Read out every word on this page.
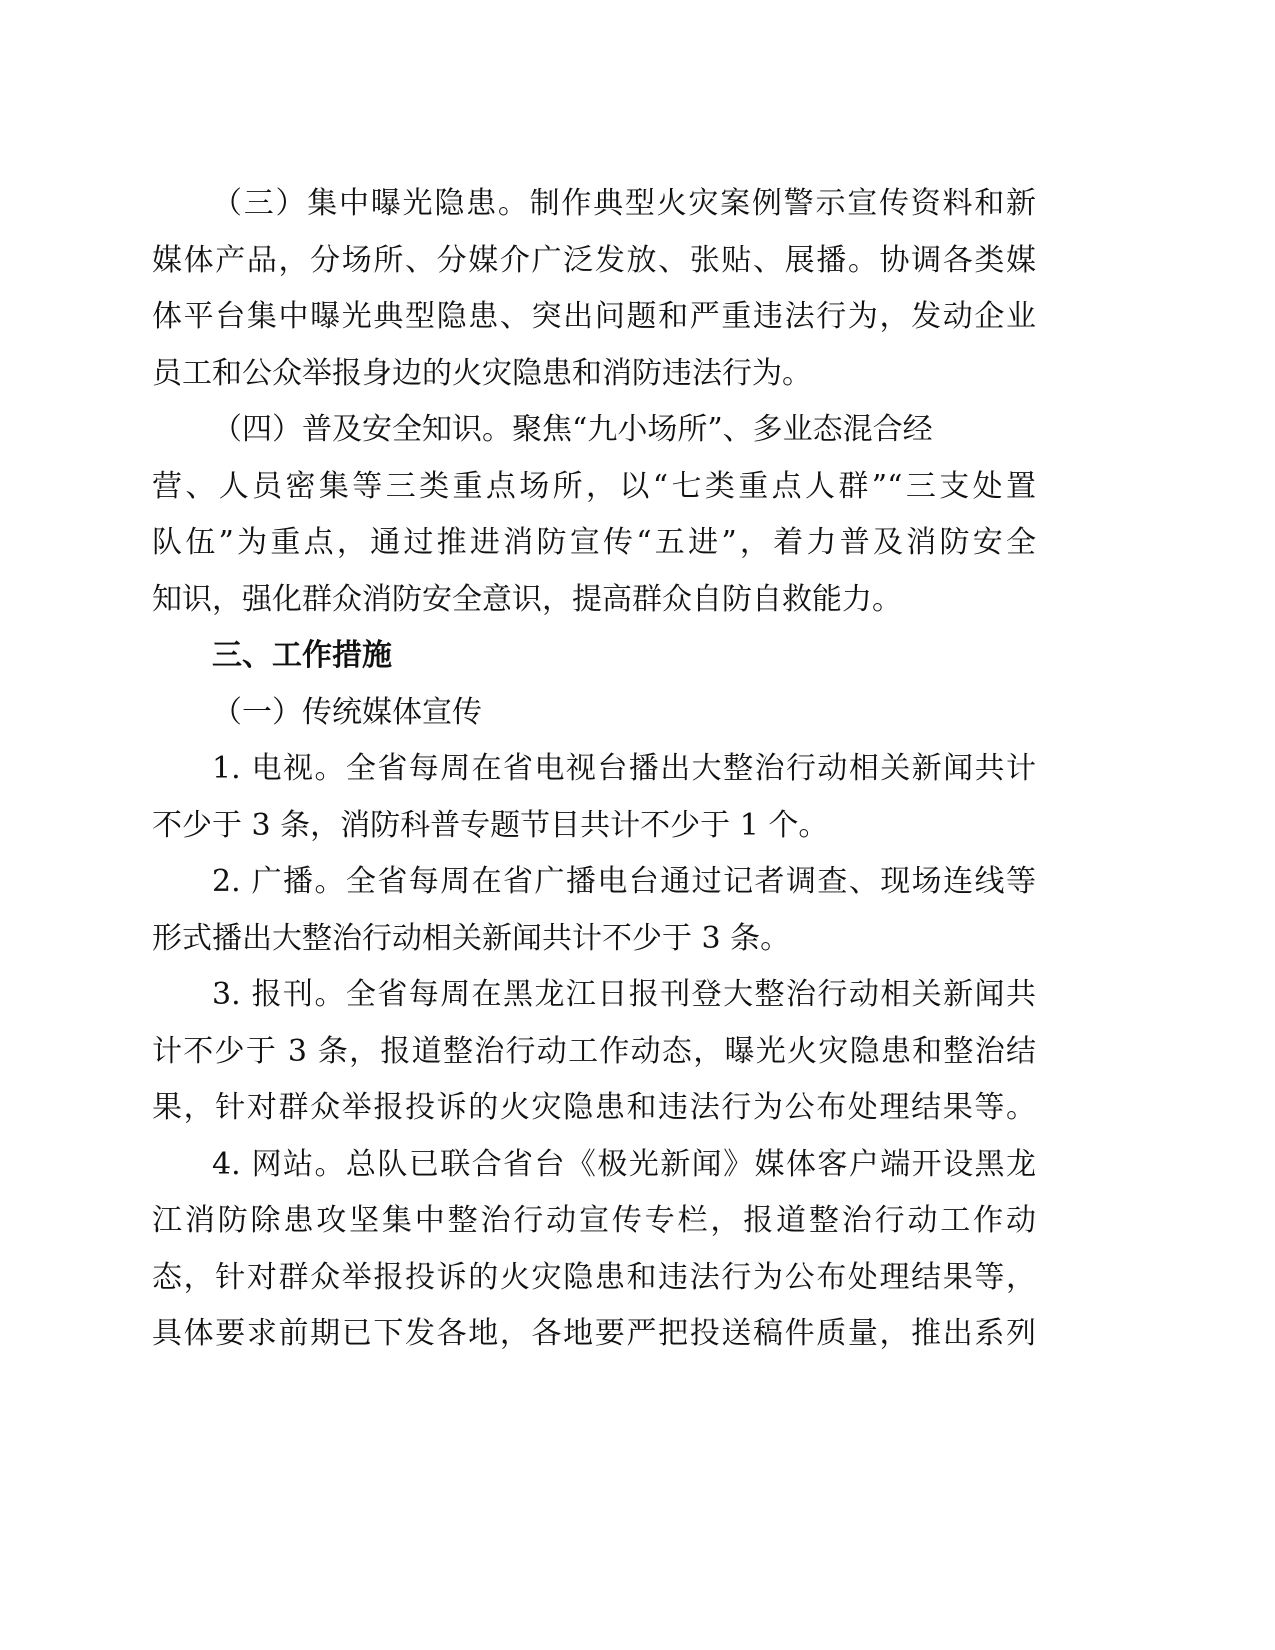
（三）集中曝光隐患。制作典型火灾案例警示宣传资料和新
媒体产品，分场所、分媒介广泛发放、张贴、展播。协调各类媒
体平台集中曝光典型隐患、突出问题和严重违法行为，发动企业
员工和公众举报身边的火灾隐患和消防违法行为。
（四）普及安全知识。聚焦“九小场所”、多业态混合经
营、人员密集等三类重点场所，以“七类重点人群”“三支处置
队伍”为重点，通过推进消防宣传“五进”，着力普及消防安全
知识，强化群众消防安全意识，提高群众自防自救能力。
三、工作措施
（一）传统媒体宣传
1. 电视。全省每周在省电视台播出大整治行动相关新闻共计
不少于 3 条，消防科普专题节目共计不少于 1 个。
2. 广播。全省每周在省广播电台通过记者调查、现场连线等
形式播出大整治行动相关新闻共计不少于 3 条。
3. 报刊。全省每周在黑龙江日报刊登大整治行动相关新闻共
计不少于 3 条，报道整治行动工作动态，曝光火灾隐患和整治结
果，针对群众举报投诉的火灾隐患和违法行为公布处理结果等。
4. 网站。总队已联合省台《极光新闻》媒体客户端开设黑龙
江消防除患攻坚集中整治行动宣传专栏，报道整治行动工作动
态，针对群众举报投诉的火灾隐患和违法行为公布处理结果等，
具体要求前期已下发各地，各地要严把投送稿件质量，推出系列
